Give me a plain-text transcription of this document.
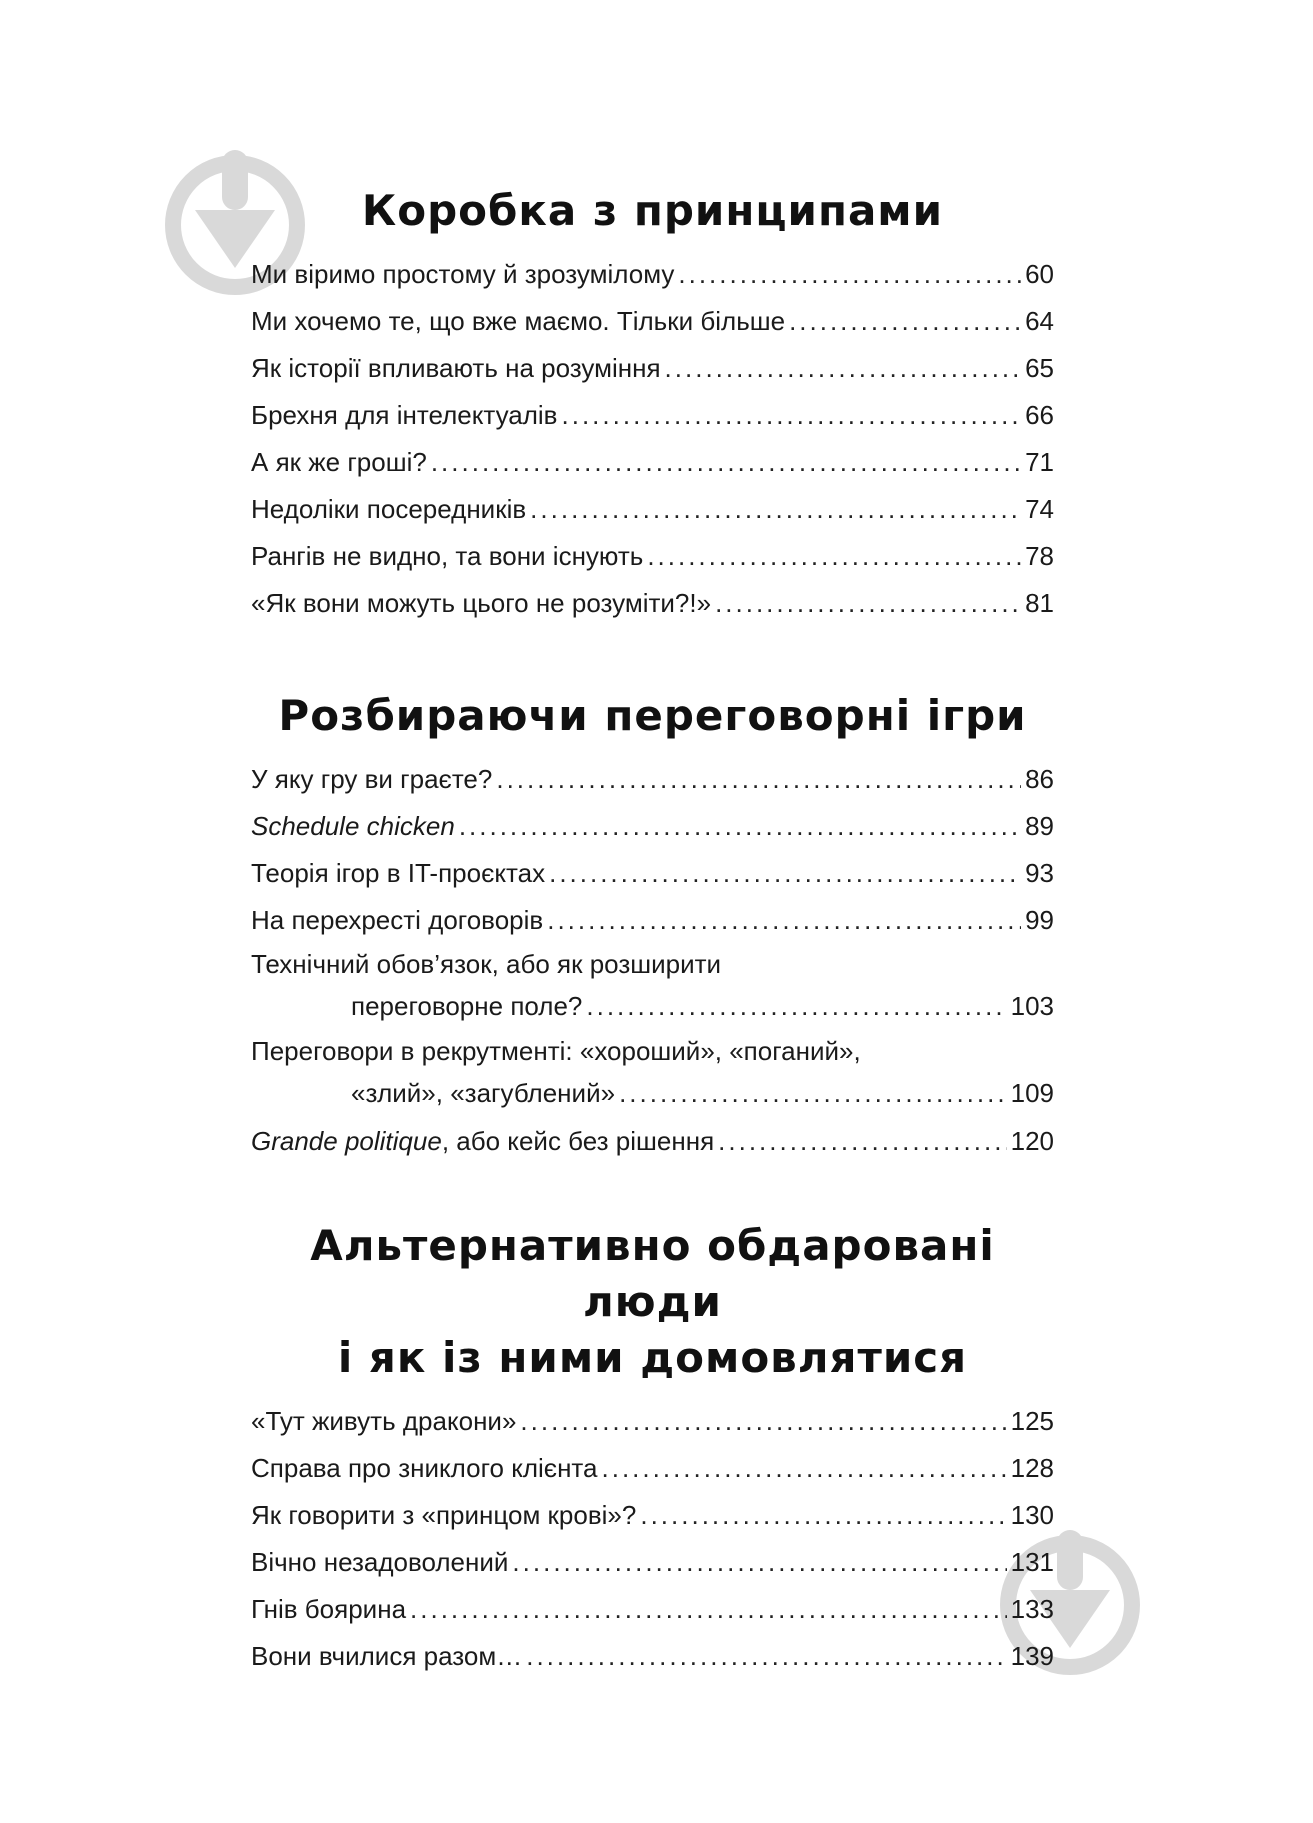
Коробка з принципами
Ми віримо простому й зрозумілому .....	60
Ми хочемо те, що вже маємо. Тільки більше .....	64
Як історії впливають на розуміння .....	65
Брехня для інтелектуалів .....	66
А як же гроші? .....	71
Недоліки посередників .....	74
Рангів не видно, та вони існують .....	78
«Як вони можуть цього не розуміти?!» .....	81
Розбираючи переговорні ігри
У яку гру ви граєте? .....	86
Schedule chicken .....	89
Теорія ігор в IT-проєктах .....	93
На перехресті договорів .....	99
Технічний обов’язок, або як розширити
переговорне поле? .....	103
Переговори в рекрутменті: «хороший», «поганий»,
«злий», «загублений» .....	109
Grande politique, або кейс без рішення .....	120
Альтернативно обдаровані люди
і як із ними домовлятися
«Тут живуть дракони» .....	125
Справа про зниклого клієнта .....	128
Як говорити з «принцом крові»? .....	130
Вічно незадоволений .....	131
Гнів боярина .....	133
Вони вчилися разом… .....	139
